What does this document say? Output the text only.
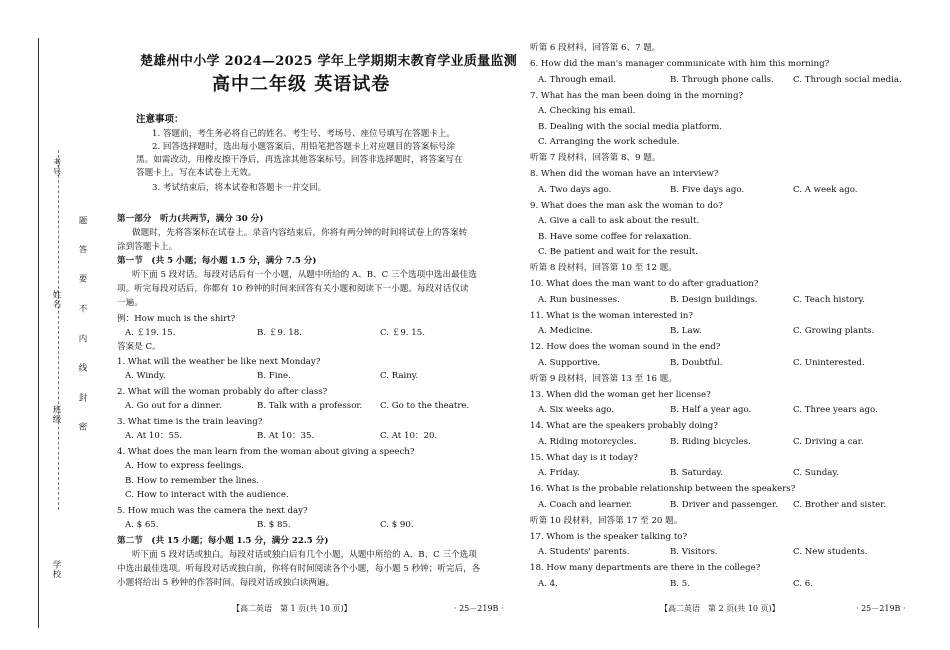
考号
姓名
班级
学校
题
答
要
不
内
线
封
密
楚雄州中小学 2024—2025 学年上学期期末教育学业质量监测
高中二年级 英语试卷
注意事项：
1. 答题前，考生务必将自己的姓名、考生号、考场号、座位号填写在答题卡上。
2. 回答选择题时，选出每小题答案后，用铅笔把答题卡上对应题目的答案标号涂
黑。如需改动，用橡皮擦干净后，再选涂其他答案标号。回答非选择题时，将答案写在
答题卡上。写在本试卷上无效。
3. 考试结束后，将本试卷和答题卡一并交回。
第一部分　听力(共两节，满分 30 分)
做题时，先将答案标在试卷上。录音内容结束后，你将有两分钟的时间将试卷上的答案转
涂到答题卡上。
第一节　(共 5 小题；每小题 1.5 分，满分 7.5 分)
听下面 5 段对话。每段对话后有一个小题，从题中所给的 A、B、C 三个选项中选出最佳选
项。听完每段对话后，你都有 10 秒钟的时间来回答有关小题和阅读下一小题。每段对话仅读
一遍。
例：How much is the shirt?
A. ￡19. 15.	B. ￡9. 18.	C. ￡9. 15.
答案是 C。
1. What will the weather be like next Monday?
A. Windy.	B. Fine.	C. Rainy.
2. What will the woman probably do after class?
A. Go out for a dinner.	B. Talk with a professor. C. Go to the theatre.
3. What time is the train leaving?
A. At 10：55.	B. At 10：35.	C. At 10：20.
4. What does the man learn from the woman about giving a speech?
A. How to express feelings.
B. How to remember the lines.
C. How to interact with the audience.
5. How much was the camera the next day?
A. $ 65.	B. $ 85.	C. $ 90.
第二节　(共 15 小题；每小题 1.5 分，满分 22.5 分)
听下面 5 段对话或独白。每段对话或独白后有几个小题，从题中所给的 A、B、C 三个选项
中选出最佳选项。听每段对话或独白前，你将有时间阅读各个小题，每小题 5 秒钟；听完后，各
小题将给出 5 秒钟的作答时间。每段对话或独白读两遍。
听第 6 段材料，回答第 6、7 题。
6. How did the man's manager communicate with him this morning?
A. Through email.	B. Through phone calls. C. Through social media.
7. What has the man been doing in the morning?
A. Checking his email.
B. Dealing with the social media platform.
C. Arranging the work schedule.
听第 7 段材料，回答第 8、9 题。
8. When did the woman have an interview?
A. Two days ago.	B. Five days ago.	C. A week ago.
9. What does the man ask the woman to do?
A. Give a call to ask about the result.
B. Have some coffee for relaxation.
C. Be patient and wait for the result.
听第 8 段材料，回答第 10 至 12 题。
10. What does the man want to do after graduation?
A. Run businesses.	B. Design buildings.	C. Teach history.
11. What is the woman interested in?
A. Medicine.	B. Law.	C. Growing plants.
12. How does the woman sound in the end?
A. Supportive.	B. Doubtful.	C. Uninterested.
听第 9 段材料，回答第 13 至 16 题。
13. When did the woman get her license?
A. Six weeks ago.	B. Half a year ago.	C. Three years ago.
14. What are the speakers probably doing?
A. Riding motorcycles.	B. Riding bicycles.	C. Driving a car.
15. What day is it today?
A. Friday.	B. Saturday.	C. Sunday.
16. What is the probable relationship between the speakers?
A. Coach and learner.	B. Driver and passenger. C. Brother and sister.
听第 10 段材料，回答第 17 至 20 题。
17. Whom is the speaker talking to?
A. Students' parents.	B. Visitors.	C. New students.
18. How many departments are there in the college?
A. 4.	B. 5.	C. 6.
【高二英语　第 1 页(共 10 页)】	· 25－219B ·	【高二英语　第 2 页(共 10 页)】	· 25－219B ·
